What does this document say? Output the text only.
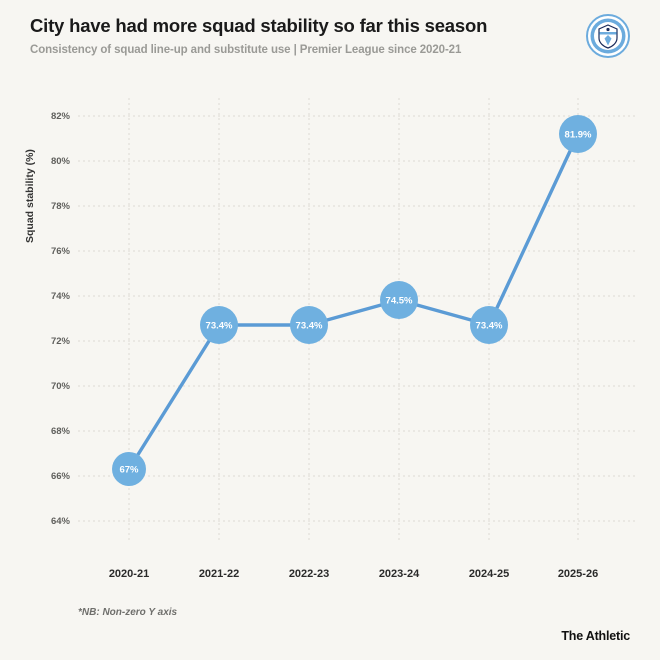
City have had more squad stability so far this season
Consistency of squad line-up and substitute use | Premier League since 2020-21
Squad stability (%)
82%
80%
78%
76%
74%
72%
70%
68%
66%
64%
67%
73.4%	73.4%
74.5%
73.4%
81.9%
2020-21	2021-22	2022-23	2023-24	2024-25	2025-26
*NB: Non-zero Y axis
The Athletic
